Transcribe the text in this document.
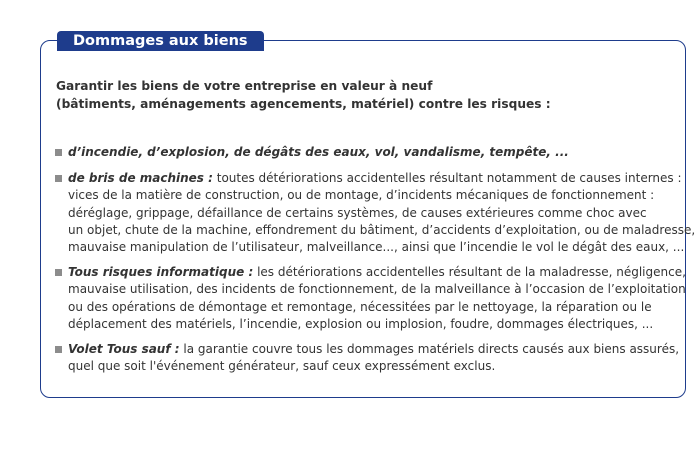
Dommages aux biens
Garantir les biens de votre entreprise en valeur à neuf
(bâtiments, aménagements agencements, matériel) contre les risques :
d’incendie, d’explosion, de dégâts des eaux, vol, vandalisme, tempête, ...
de bris de machines : toutes détériorations accidentelles résultant notamment de causes internes :
vices de la matière de construction, ou de montage, d’incidents mécaniques de fonctionnement :
déréglage, grippage, défaillance de certains systèmes, de causes extérieures comme choc avec
un objet, chute de la machine, effondrement du bâtiment, d’accidents d’exploitation, ou de maladresse,
mauvaise manipulation de l’utilisateur, malveillance..., ainsi que l’incendie le vol le dégât des eaux, ...
Tous risques informatique : les détériorations accidentelles résultant de la maladresse, négligence,
mauvaise utilisation, des incidents de fonctionnement, de la malveillance à l’occasion de l’exploitation
ou des opérations de démontage et remontage, nécessitées par le nettoyage, la réparation ou le
déplacement des matériels, l’incendie, explosion ou implosion, foudre, dommages électriques, ...
Volet Tous sauf : la garantie couvre tous les dommages matériels directs causés aux biens assurés,
quel que soit l'événement générateur, sauf ceux expressément exclus.
